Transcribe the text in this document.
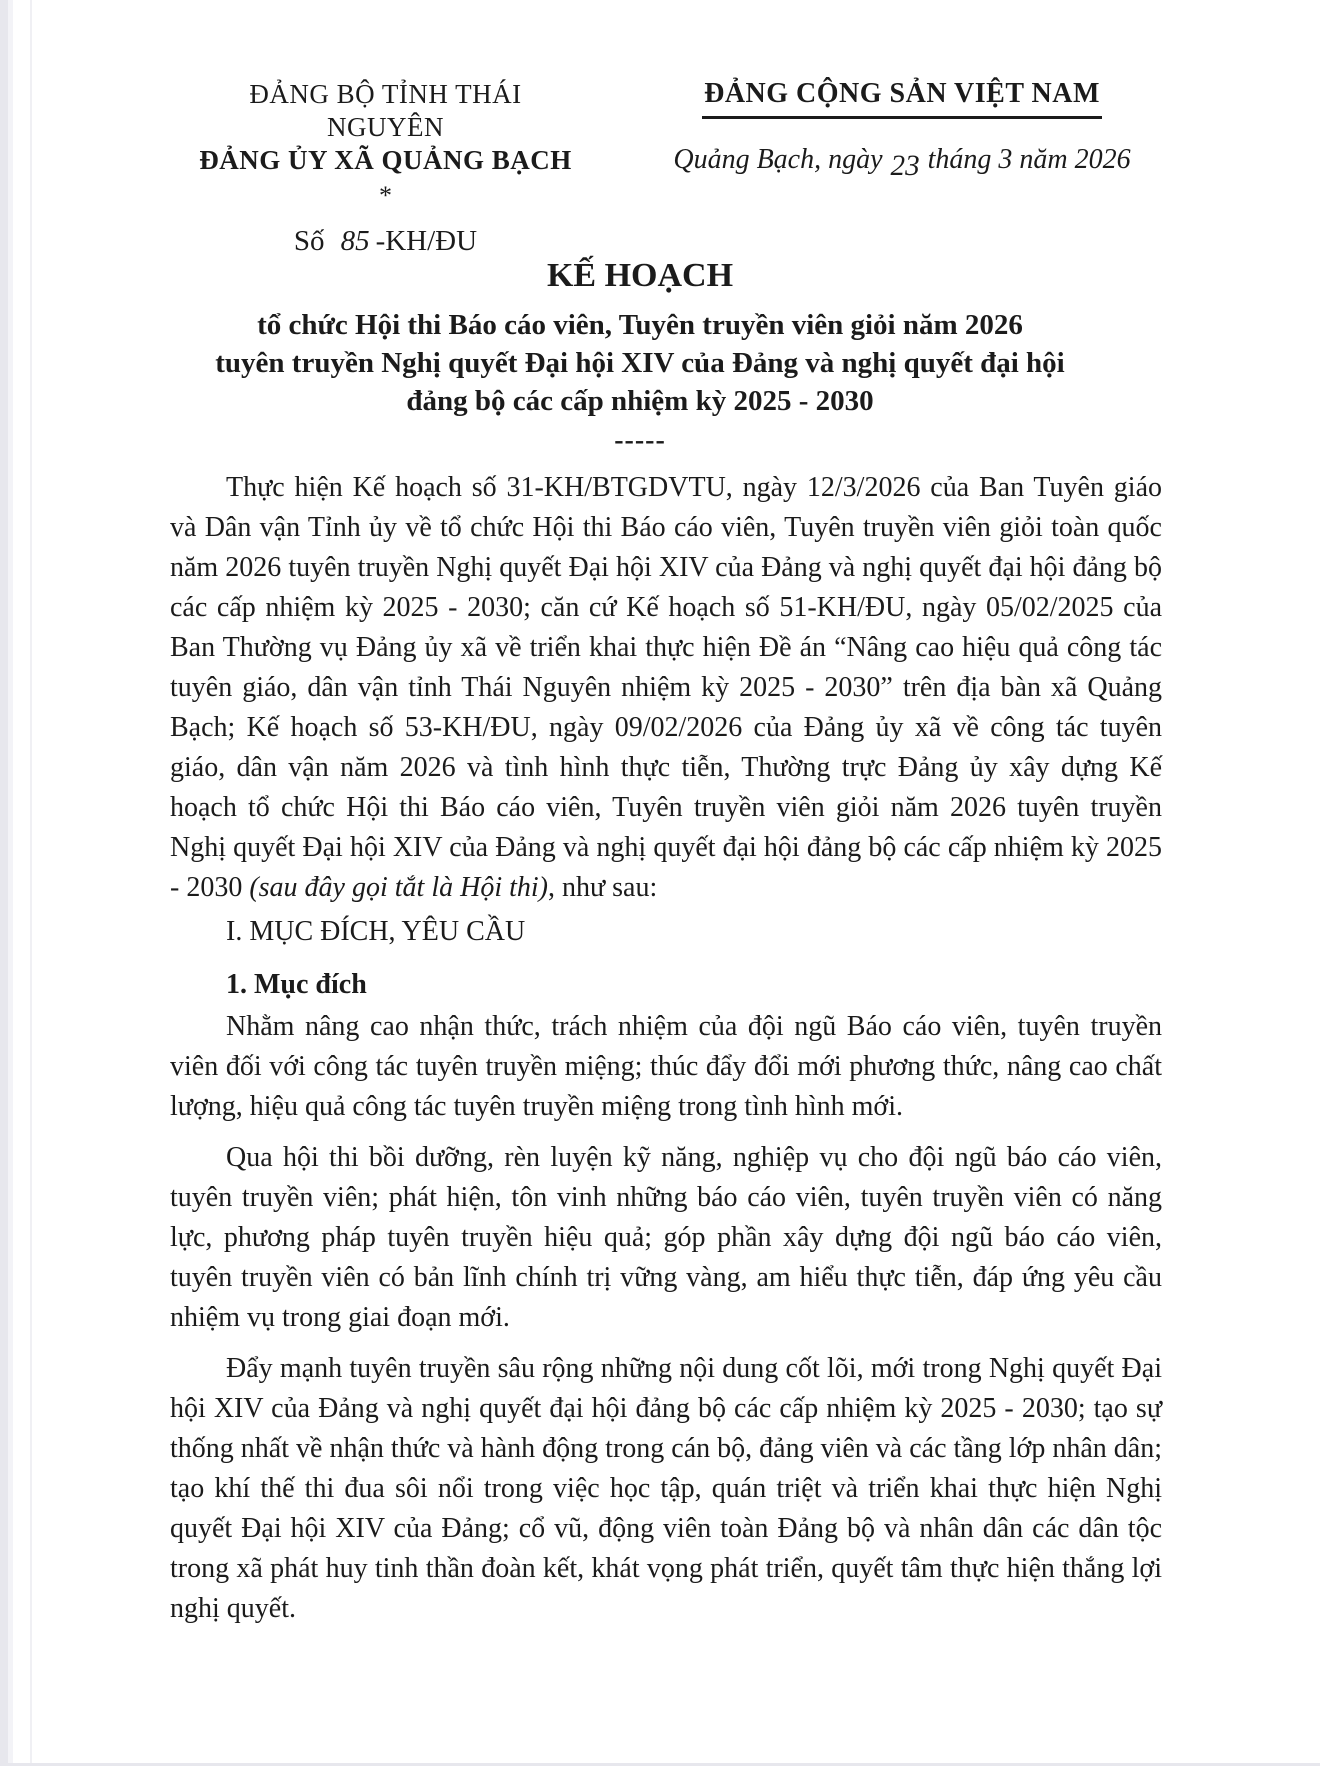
ĐẢNG BỘ TỈNH THÁI NGUYÊN
ĐẢNG ỦY XÃ QUẢNG BẠCH
*
Số 85 -KH/ĐU
ĐẢNG CỘNG SẢN VIỆT NAM
Quảng Bạch, ngày 23 tháng 3 năm 2026
KẾ HOẠCH
tổ chức Hội thi Báo cáo viên, Tuyên truyền viên giỏi năm 2026
tuyên truyền Nghị quyết Đại hội XIV của Đảng và nghị quyết đại hội
đảng bộ các cấp nhiệm kỳ 2025 - 2030
-----

Thực hiện Kế hoạch số 31-KH/BTGDVTU, ngày 12/3/2026 của Ban Tuyên giáo và Dân vận Tỉnh ủy về tổ chức Hội thi Báo cáo viên, Tuyên truyền viên giỏi toàn quốc năm 2026 tuyên truyền Nghị quyết Đại hội XIV của Đảng và nghị quyết đại hội đảng bộ các cấp nhiệm kỳ 2025 - 2030; căn cứ Kế hoạch số 51-KH/ĐU, ngày 05/02/2025 của Ban Thường vụ Đảng ủy xã về triển khai thực hiện Đề án “Nâng cao hiệu quả công tác tuyên giáo, dân vận tỉnh Thái Nguyên nhiệm kỳ 2025 - 2030” trên địa bàn xã Quảng Bạch; Kế hoạch số 53-KH/ĐU, ngày 09/02/2026 của Đảng ủy xã về công tác tuyên giáo, dân vận năm 2026 và tình hình thực tiễn, Thường trực Đảng ủy xây dựng Kế hoạch tổ chức Hội thi Báo cáo viên, Tuyên truyền viên giỏi năm 2026 tuyên truyền Nghị quyết Đại hội XIV của Đảng và nghị quyết đại hội đảng bộ các cấp nhiệm kỳ 2025 - 2030 (sau đây gọi tắt là Hội thi), như sau:

I. MỤC ĐÍCH, YÊU CẦU

1. Mục đích

Nhằm nâng cao nhận thức, trách nhiệm của đội ngũ Báo cáo viên, tuyên truyền viên đối với công tác tuyên truyền miệng; thúc đẩy đổi mới phương thức, nâng cao chất lượng, hiệu quả công tác tuyên truyền miệng trong tình hình mới.

Qua hội thi bồi dưỡng, rèn luyện kỹ năng, nghiệp vụ cho đội ngũ báo cáo viên, tuyên truyền viên; phát hiện, tôn vinh những báo cáo viên, tuyên truyền viên có năng lực, phương pháp tuyên truyền hiệu quả; góp phần xây dựng đội ngũ báo cáo viên, tuyên truyền viên có bản lĩnh chính trị vững vàng, am hiểu thực tiễn, đáp ứng yêu cầu nhiệm vụ trong giai đoạn mới.

Đẩy mạnh tuyên truyền sâu rộng những nội dung cốt lõi, mới trong Nghị quyết Đại hội XIV của Đảng và nghị quyết đại hội đảng bộ các cấp nhiệm kỳ 2025 - 2030; tạo sự thống nhất về nhận thức và hành động trong cán bộ, đảng viên và các tầng lớp nhân dân; tạo khí thế thi đua sôi nổi trong việc học tập, quán triệt và triển khai thực hiện Nghị quyết Đại hội XIV của Đảng; cổ vũ, động viên toàn Đảng bộ và nhân dân các dân tộc trong xã phát huy tinh thần đoàn kết, khát vọng phát triển, quyết tâm thực hiện thắng lợi nghị quyết.
